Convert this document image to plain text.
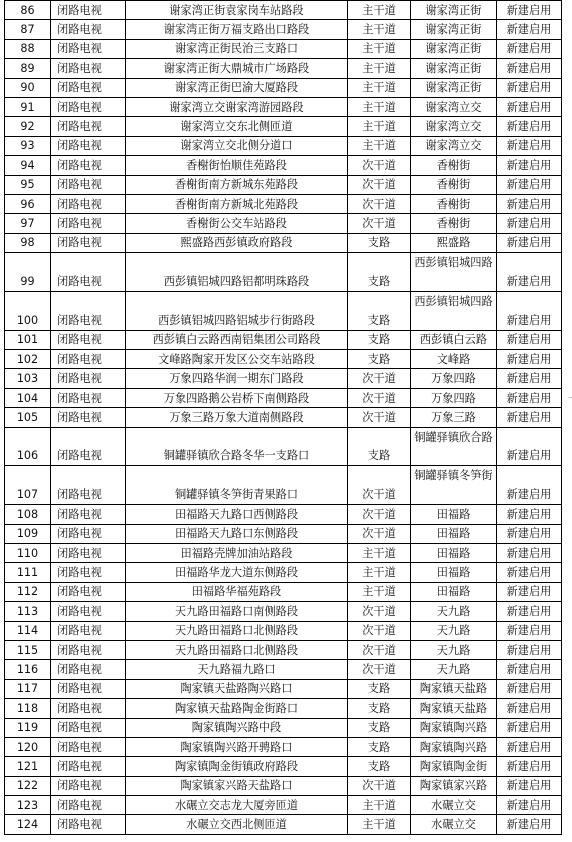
86	闭路电视	谢家湾正街袁家岗车站路段	主干道	谢家湾正街	新建启用
87	闭路电视	谢家湾正街万福支路出口路段	主干道	谢家湾正街	新建启用
88	闭路电视	谢家湾正街民治三支路口	主干道	谢家湾正街	新建启用
89	闭路电视	谢家湾正街大鼎城市广场路段	主干道	谢家湾正街	新建启用
90	闭路电视	谢家湾正街巴渝大厦路段	主干道	谢家湾正街	新建启用
91	闭路电视	谢家湾立交谢家湾游园路段	主干道	谢家湾立交	新建启用
92	闭路电视	谢家湾立交东北侧匝道	主干道	谢家湾立交	新建启用
93	闭路电视	谢家湾立交北侧分道口	主干道	谢家湾立交	新建启用
94	闭路电视	香榭街怡顺佳苑路段	次干道	香榭街	新建启用
95	闭路电视	香榭街南方新城东苑路段	次干道	香榭街	新建启用
96	闭路电视	香榭街南方新城北苑路段	次干道	香榭街	新建启用
97	闭路电视	香榭街公交车站路段	次干道	香榭街	新建启用
98	闭路电视	熙盛路西彭镇政府路段	支路	熙盛路	新建启用
99	闭路电视	西彭镇铝城四路铝都明珠路段	支路	西彭镇铝城四路	新建启用
100	闭路电视	西彭镇铝城四路铝城步行街路段	支路	西彭镇铝城四路	新建启用
101	闭路电视	西彭镇白云路西南铝集团公司路段	支路	西彭镇白云路	新建启用
102	闭路电视	文峰路陶家开发区公交车站路段	支路	文峰路	新建启用
103	闭路电视	万象四路华润一期东门路段	次干道	万象四路	新建启用
104	闭路电视	万象四路鹅公岩桥下南侧路段	次干道	万象四路	新建启用
105	闭路电视	万象三路万象大道南侧路段	次干道	万象三路	新建启用
106	闭路电视	铜罐驿镇欣合路冬华一支路口	支路	铜罐驿镇欣合路	新建启用
107	闭路电视	铜罐驿镇冬笋街青果路口	次干道	铜罐驿镇冬笋街	新建启用
108	闭路电视	田福路天九路口西侧路段	次干道	田福路	新建启用
109	闭路电视	田福路天九路口东侧路段	次干道	田福路	新建启用
110	闭路电视	田福路壳牌加油站路段	主干道	田福路	新建启用
111	闭路电视	田福路华龙大道东侧路段	主干道	田福路	新建启用
112	闭路电视	田福路华福苑路段	主干道	田福路	新建启用
113	闭路电视	天九路田福路口南侧路段	次干道	天九路	新建启用
114	闭路电视	天九路田福路口北侧路段	次干道	天九路	新建启用
115	闭路电视	天九路田福路口北侧路段	次干道	天九路	新建启用
116	闭路电视	天九路福九路口	次干道	天九路	新建启用
117	闭路电视	陶家镇天盐路陶兴路口	支路	陶家镇天盐路	新建启用
118	闭路电视	陶家镇天盐路陶金街路口	支路	陶家镇天盐路	新建启用
119	闭路电视	陶家镇陶兴路中段	支路	陶家镇陶兴路	新建启用
120	闭路电视	陶家镇陶兴路开骋路口	支路	陶家镇陶兴路	新建启用
121	闭路电视	陶家镇陶金街镇政府路段	支路	陶家镇陶金街	新建启用
122	闭路电视	陶家镇家兴路天盐路口	次干道	陶家镇家兴路	新建启用
123	闭路电视	水碾立交志龙大厦旁匝道	主干道	水碾立交	新建启用
124	闭路电视	水碾立交西北侧匝道	主干道	水碾立交	新建启用
